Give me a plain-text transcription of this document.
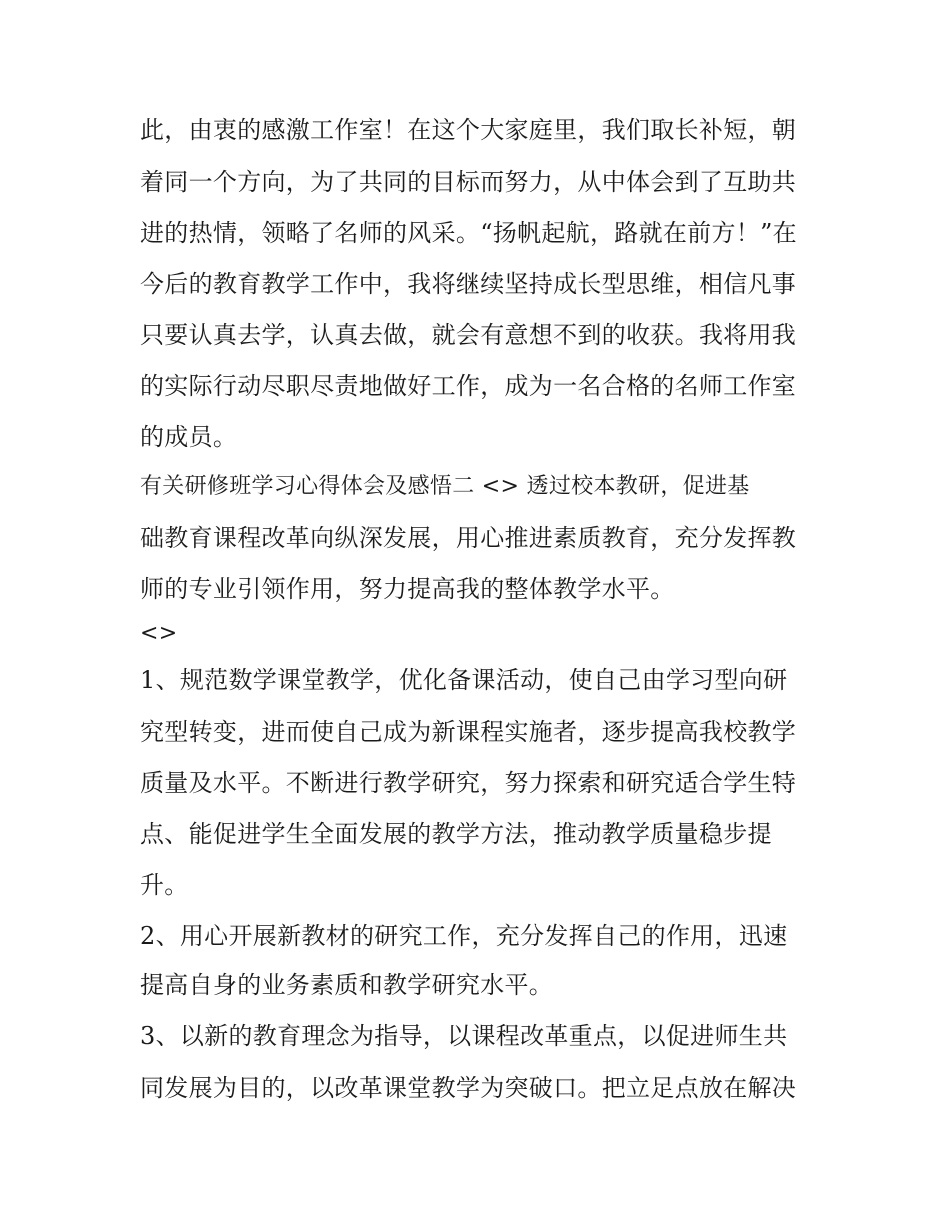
此，由衷的感激工作室！在这个大家庭里，我们取长补短，朝
着同一个方向，为了共同的目标而努力，从中体会到了互助共
进的热情，领略了名师的风采。“扬帆起航，路就在前方！”在
今后的教育教学工作中，我将继续坚持成长型思维，相信凡事
只要认真去学，认真去做，就会有意想不到的收获。我将用我
的实际行动尽职尽责地做好工作，成为一名合格的名师工作室
的成员。
有关研修班学习心得体会及感悟二 <> 透过校本教研，促进基
础教育课程改革向纵深发展，用心推进素质教育，充分发挥教
师的专业引领作用，努力提高我的整体教学水平。
<>
1、规范数学课堂教学，优化备课活动，使自己由学习型向研
究型转变，进而使自己成为新课程实施者，逐步提高我校教学
质量及水平。不断进行教学研究，努力探索和研究适合学生特
点、能促进学生全面发展的教学方法，推动教学质量稳步提
升。
2、用心开展新教材的研究工作，充分发挥自己的作用，迅速
提高自身的业务素质和教学研究水平。
3、以新的教育理念为指导，以课程改革重点，以促进师生共
同发展为目的，以改革课堂教学为突破口。把立足点放在解决
